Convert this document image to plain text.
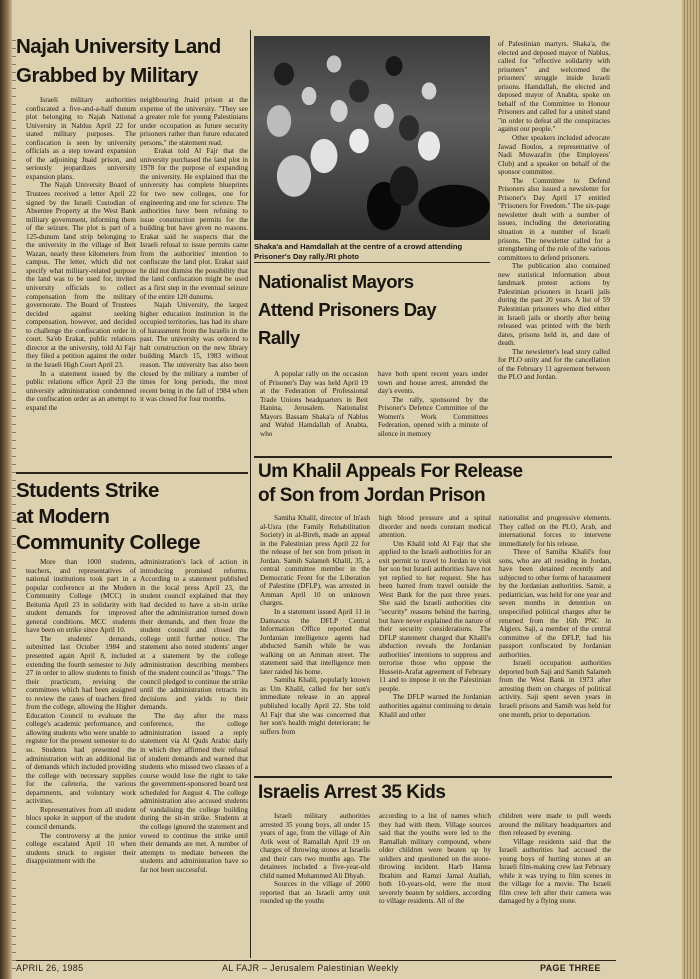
Najah University Land
Grabbed by Military

Israeli military authorities confiscated a five-and-a-half dunum plot belonging to Najah National University in Nablus April 22 for stated military purposes. The confiscation is seen by university officials as a step toward expansion of the adjoining Jnaid prison, and seriously jeopardizes university expansion plans.

The Najah University Board of Trustees received a letter April 22 signed by the Israeli Custodian of Absentee Property at the West Bank military government, informing them of the seizure. The plot is part of a 125-dunum land strip belonging to the university in the village of Beit Wazan, nearly three kilometers from campus. The letter, which did not specify what military-related purpose the land was to be used for, invited university officials to collect compensation from the military governorate. The Board of Trustees decided against seeking compensation, however, and decided to challenge the confiscation order in court. Sa'eb Erakat, public relations director at the university, told Al Fajr they filed a petition against the order in the Israeli High Court April 23.

In a statement issued by the public relations office April 23 the university administration condemned the confiscation order as an attempt to expand the

neighbouring Jnaid prison at the expense of the university. "They see a greater role for young Palestinians under occupation as future security prisoners rather than future educated persons," the statement read.

Erakat told Al Fajr that the university purchased the land plot in 1978 for the purpose of expanding the university. He explained that the university has complete blueprints for two new colleges, one for engineering and one for science. The authorities have been refusing to issue construction permits for the building but have given no reasons. Erakat said he suspects that the Israeli refusal to issue permits came from the authorities' intention to confiscate the land plot. Erakat said he did not dismiss the possibility that the land confiscation might be used as a first step in the eventual seizure of the entire 120 dunums.

Najah University, the largest higher education institution in the occupied territories, has had its share of harassment from the Israelis in the past. The university was ordered to halt construction on the new library building March 15, 1983 without reason. The university has also been closed by the military a number of times for long periods, the most recent being in the fall of 1984 when it was closed for four months.

Students Strike
at Modern
Community College

More than 1000 students, teachers, and representatives of national institutions took part in a popular conference at the Modern Community College (MCC) in Beitunia April 23 in solidarity with student demands for improved general conditions. MCC students have been on strike since April 10.

The students' demands, submitted last October 1984 and presented again April 8, included extending the fourth semester to July 27 in order to allow students to finish their practicum, revising the committees which had been assigned to review the cases of teachers fired from the college, allowing the Higher Education Council to evaluate the college's academic performance, and allowing students who were unable to register for the present semester to do so. Students had presented the administration with an additional list of demands which included providing the college with necessary supplies for the cafeteria, the various departments, and voluntary work activities.

Representatives from all student blocs spoke in support of the student council demands.

The controversy at the junior college escalated April 10 when students struck to register their disappointment with the

administration's lack of action in introducing promised reforms. According to a statement published in the local press April 23, the student council explained that they had decided to have a sit-in strike after the administration turned down their demands, and then froze the student council and closed the college until further notice. The statement also noted students' anger at a statement by the college administration describing members of the student council as "thugs." The council pledged to continue the strike until the administration retracts its decisions and yields to their demands.

The day after the mass conference, the college administration issued a reply statement via Al Quds Arabic daily in which they affirmed their refusal of student demands and warned that students who missed two classes of a course would lose the right to take the government-sponsored board test scheduled for August 4. The college administration also accused students of vandalising the college building during the sit-in strike. Students at the college ignored the statement and vowed to continue the strike until their demands are met. A number of attempts to mediate between the students and administration have so far not been successful.

Shaka'a and Hamdallah at the centre of a crowd attending Prisoner's Day rally./RI photo

of Palestinian martyrs. Shaka'a, the elected and deposed mayor of Nablus, called for "effective solidarity with prisoners" and welcomed the prisoners' struggle inside Israeli prisons. Hamdallah, the elected and deposed mayor of Anabta, spoke on behalf of the Committee to Honour Prisoners and called for a united stand "in order to defeat all the conspiracies against our people."

Other speakers included advocate Jawad Boulos, a representative of Nadi Muwazafin (the Employees' Club) and a speaker on behalf of the sponsor committee.

The Committee to Defend Prisoners also issued a newsletter for Prisoner's Day April 17 entitled "Prisoners for Freedom." The six-page newsletter dealt with a number of issues, including the deteriorating situation in a number of Israeli prisons. The newsletter called for a strengthening of the role of the various committees to defend prisoners.

The publication also contained new statistical information about landmark protest actions by Palestinian prisoners in Israeli jails during the past 20 years. A list of 59 Palestinian prisoners who died either in Israeli jails or shortly after being released was printed with the birth dates, prisons held in, and date of death.

The newsletter's lead story called for PLO unity and for the cancellation of the February 11 agreement between the PLO and Jordan.

Nationalist Mayors
Attend Prisoners Day
Rally

A popular rally on the occasion of Prisoner's Day was held April 19 at the Federation of Professional Trade Unions headquarters in Beit Hanina, Jerusalem. Nationalist Mayors Bassam Shaka'a of Nablus and Wahid Hamdallah of Anabta, who

have both spent recent years under town and house arrest, attended the day's events.

The rally, sponsored by the Prisoner's Defence Committee of the Women's Work Committees Federation, opened with a minute of silence in memory

Um Khalil Appeals For Release
of Son from Jordan Prison

Samiha Khalil, director of In'ash al-Usra (the Family Rehabilitation Society) in al-Bireh, made an appeal in the Palestinian press April 22 for the release of her son from prison in Jordan. Samih Salameh Khalil, 35, a central committee member in the Democratic Front for the Liberation of Palestine (DFLP), was arrested in Amman April 10 on unknown charges.

In a statement issued April 11 in Damascus the DFLP Central Information Office reported that Jordanian intelligence agents had abducted Samih while he was walking on an Amman street. The statement said that intelligence men later raided his home.

Samiha Khalil, popularly known as Um Khalil, called for her son's immediate release in an appeal published locally April 22. She told Al Fajr that she was concerned that her son's health might deteriorate; he suffers from

high blood pressure and a spinal disorder and needs constant medical attention.

Um Khalil told Al Fajr that she applied to the Israeli authorities for an exit permit to travel to Jordan to visit her son but Israeli authorities have not yet replied to her request. She has been barred from travel outside the West Bank for the past three years. She said the Israeli authorities cite "security" reasons behind the barring, but have never explained the nature of their security considerations. The DFLP statement charged that Khalil's abduction reveals the Jordanian authorities' intentions to suppress and terrorise those who oppose the Hussein-Arafat agreement of February 11 and to impose it on the Palestinian people.

The DFLP warned the Jordanian authorities against continuing to detain Khalil and other

nationalist and progressive elements. They called on the PLO, Arab, and international forces to intervene immediately for his release.

Three of Samiha Khalil's four sons, who are all residing in Jordan, have been detained recently and subjected to other forms of harassment by the Jordanian authorities. Samir, a pediatrician, was held for one year and seven months in detention on unspecified political charges after he returned from the 16th PNC in Algiers. Saji, a member of the central committee of the DFLP, had his passport confiscated by Jordanian authorities.

Israeli occupation authorities deported both Saji and Samih Salameh from the West Bank in 1973 after arresting them on charges of political activity. Saji spent seven years in Israeli prisons and Samih was held for one month, prior to deportation.

Israelis Arrest 35 Kids

Israeli military authorities arrested 35 young boys, all under 15 years of age, from the village of Ain Arik west of Ramallah April 19 on charges of throwing stones at Israelis and their cars two months ago. The detainees included a five-year-old child named Mohammed Ali Dhyab.

Sources in the village of 2000 reported that an Israeli army unit rounded up the youths

according to a list of names which they had with them. Village sources said that the youths were led to the Ramallah military compound, where older children were beaten up by soldiers and questioned on the stone-throwing incident. Harb Hanna Ibrahim and Ramzi Jamal Atallah, both 10-years-old, were the most severely beaten by soldiers, according to village residents. All of the

children were made to pull weeds around the military headquarters and then released by evening.

Village residents said that the Israeli authorities had accused the young boys of hurting stones at an Israeli film-making crew last February while it was trying to film scenes in the village for a movie. The Israeli film crew left after their camera was damaged by a flying stone.

APRIL 26, 1985	AL FAJR – Jerusalem Palestinian Weekly	PAGE THREE
